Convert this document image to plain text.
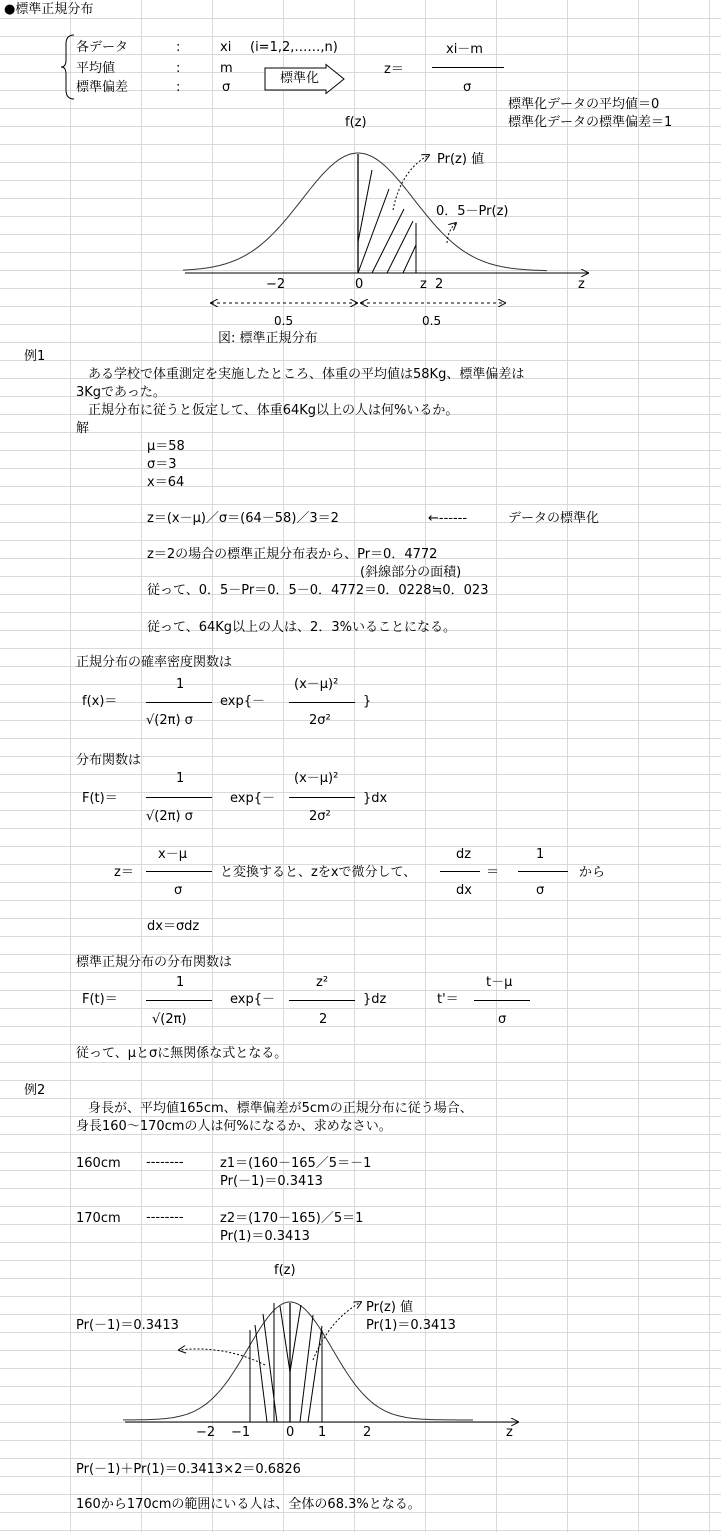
●標準正規分布
各データ	:	xi (i=1,2,……,n)
平均値	:	m
標準偏差	:	σ
標準化
z＝
xi－m
σ
標準化データの平均値＝0
標準化データの標準偏差＝1
f(z)
Pr(z) 値
0．5－Pr(z)
−2	0	z 2	z
0.5	0.5
図: 標準正規分布
例1
ある学校で体重測定を実施したところ、体重の平均値は58Kg、標準偏差は
3Kgであった。
正規分布に従うと仮定して、体重64Kg以上の人は何%いるか。
解
μ＝58
σ＝3
x＝64
z＝(x－μ)／σ＝(64－58)／3＝2	←------	データの標準化
z＝2の場合の標準正規分布表から、Pr＝0．4772
(斜線部分の面積)
従って、0．5－Pr＝0．5－0．4772＝0．0228≒0．023
従って、64Kg以上の人は、2．3%いることになる。
正規分布の確率密度関数は
f(x)＝
1
√(2π) σ
exp{－
(x－μ)²
2σ²
}
分布関数は
F(t)＝
1
√(2π) σ
exp{－
(x－μ)²
2σ²
}dx
z＝
x－μ
σ
と変換すると、zをxで微分して、
dz
dx
＝
1
σ
から
dx＝σdz
標準正規分布の分布関数は
F(t)＝
1
√(2π)
exp{－
z²
2
}dz	t'＝
t－μ
σ
従って、μとσに無関係な式となる。
例2
身長が、平均値165cm、標準偏差が5cmの正規分布に従う場合、
身長160～170cmの人は何%になるか、求めなさい。
160cm --------	z1＝(160－165／5＝－1
Pr(－1)＝0.3413
170cm --------	z2＝(170－165)／5＝1
Pr(1)＝0.3413
f(z)
Pr(z) 値
Pr(－1)＝0.3413	Pr(1)＝0.3413
−2 −1	0 1	2	z
Pr(－1)＋Pr(1)＝0.3413×2＝0.6826
160から170cmの範囲にいる人は、全体の68.3%となる。
